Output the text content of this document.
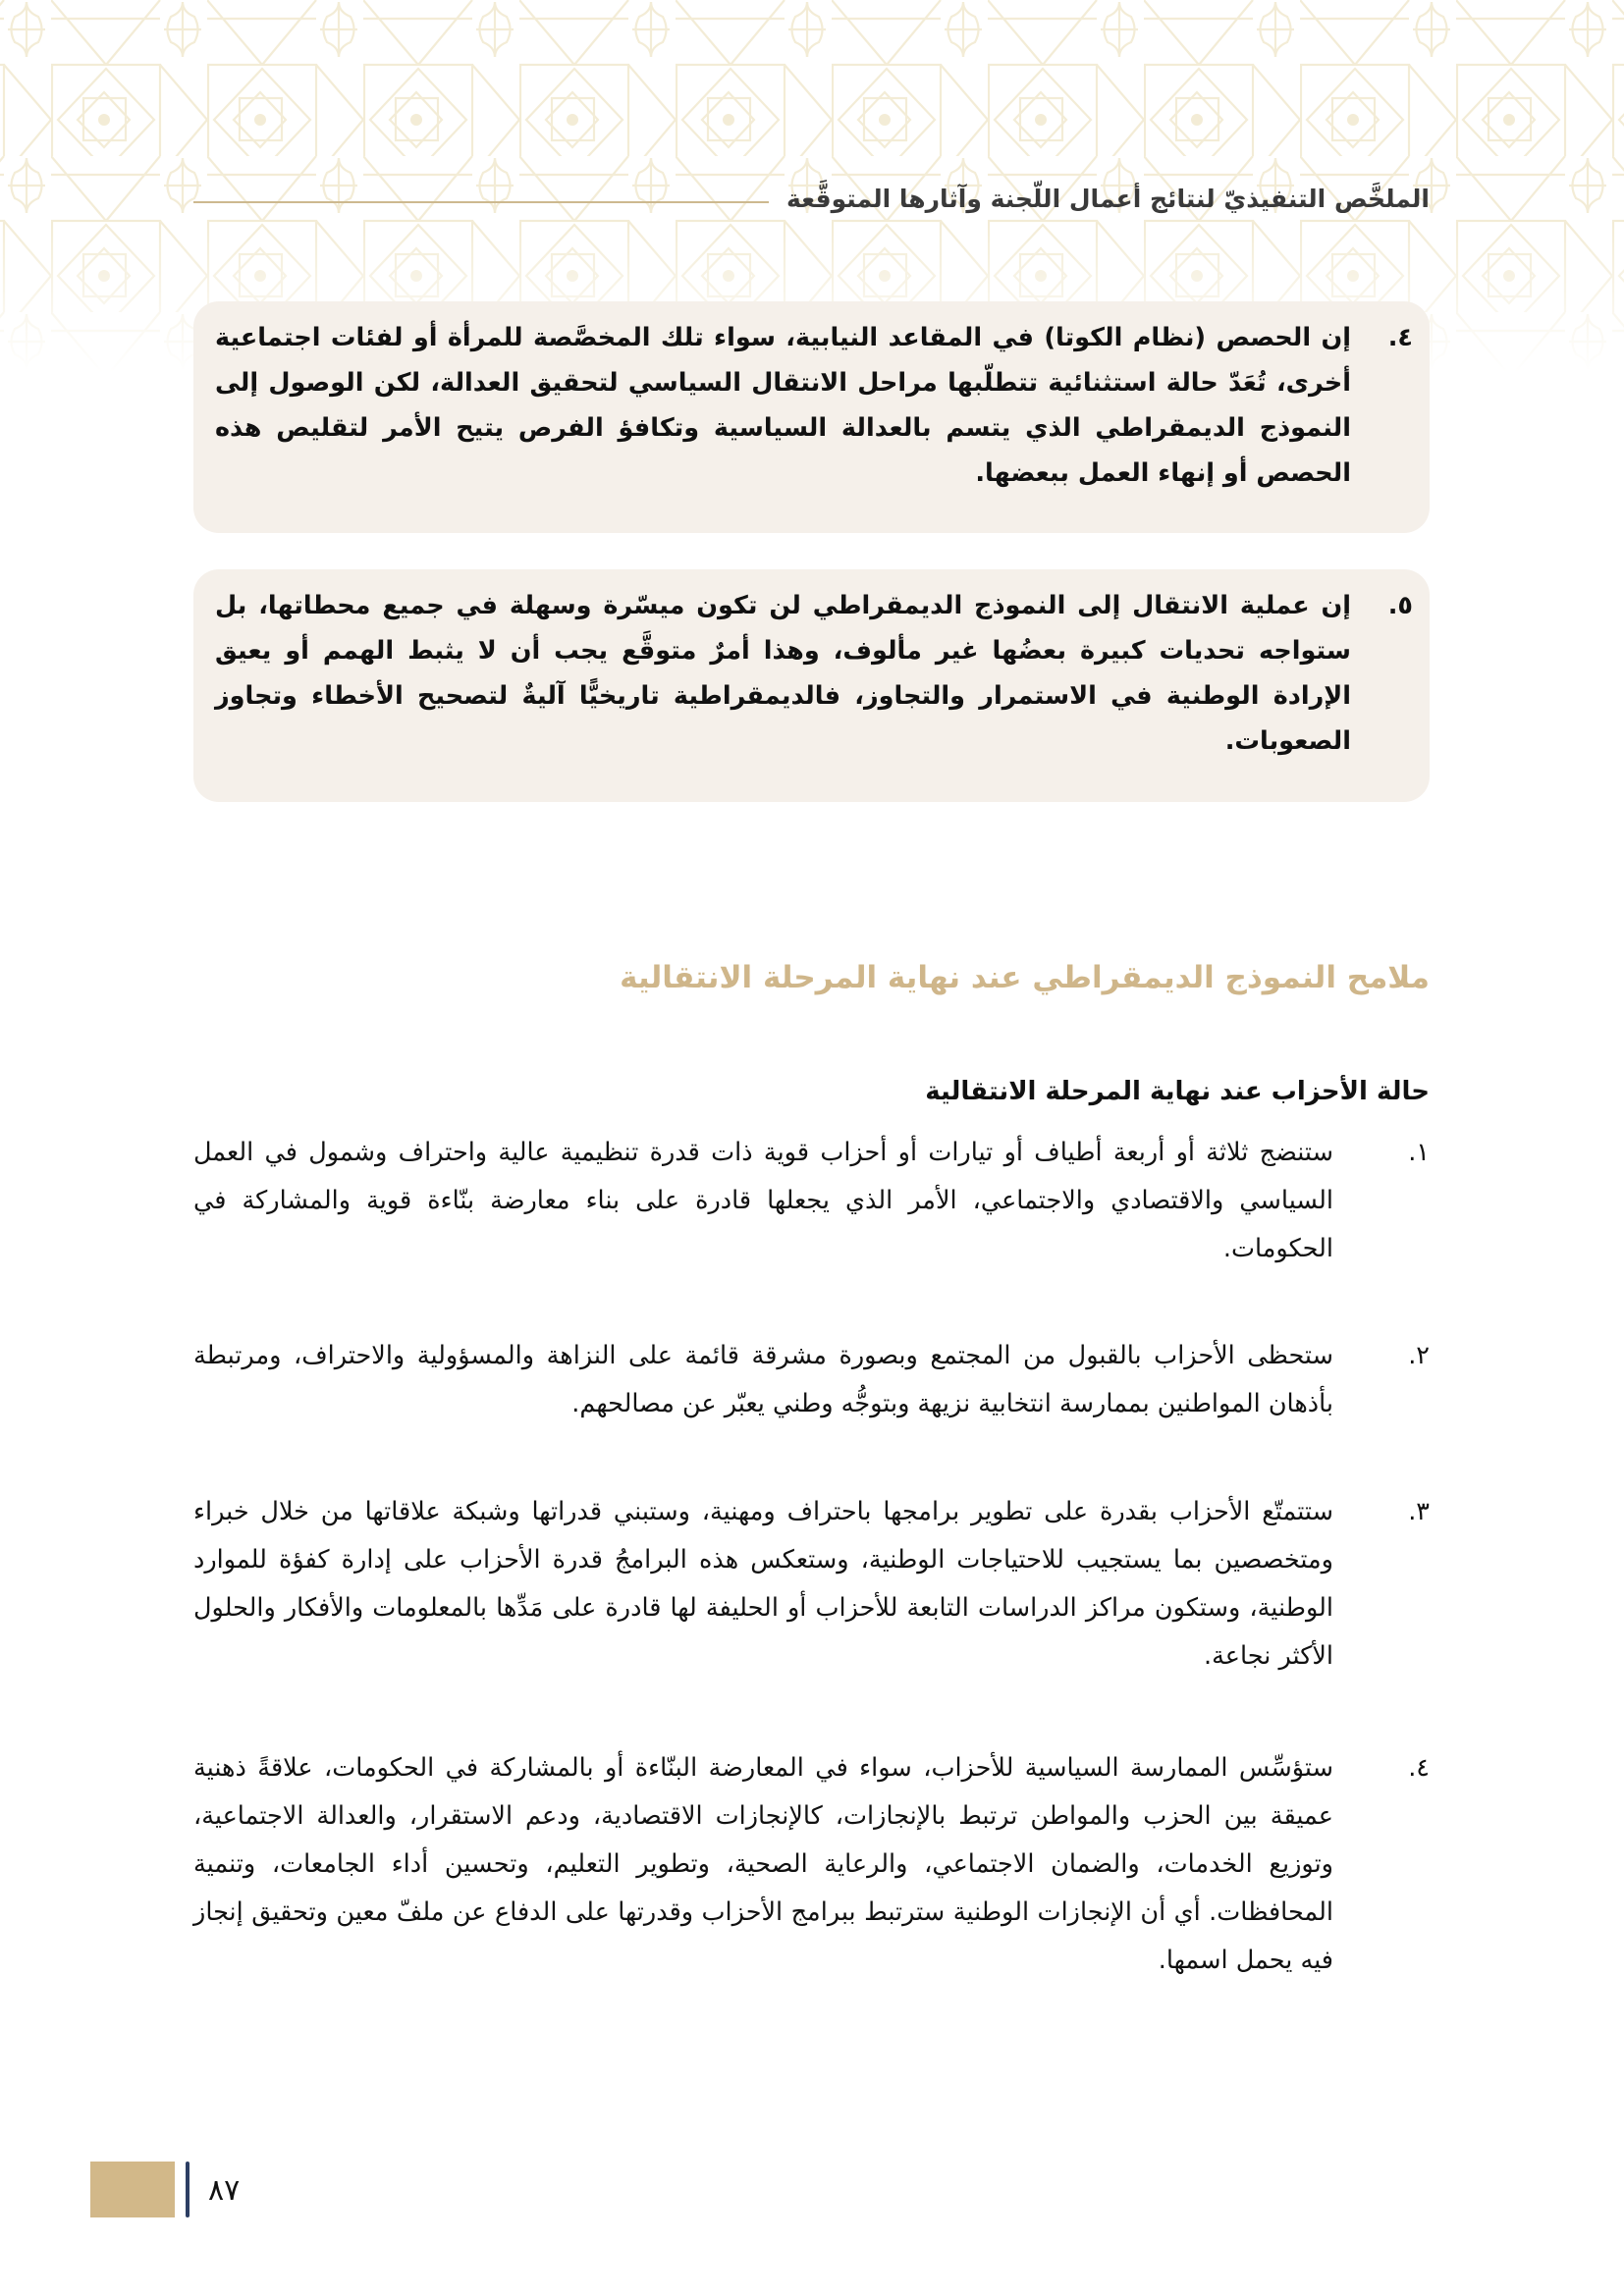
الملخَّص التنفيذيّ لنتائج أعمال اللّجنة وآثارها المتوقَّعة
٤.
إن الحصص (نظام الكوتا) في المقاعد النيابية، سواء تلك المخصَّصة للمرأة أو لفئات اجتماعية أخرى، تُعَدّ حالة استثنائية تتطلّبها مراحل الانتقال السياسي لتحقيق العدالة، لكن الوصول إلى النموذج الديمقراطي الذي يتسم بالعدالة السياسية وتكافؤ الفرص يتيح الأمر لتقليص هذه الحصص أو إنهاء العمل ببعضها.
٥.
إن عملية الانتقال إلى النموذج الديمقراطي لن تكون ميسّرة وسهلة في جميع محطاتها، بل ستواجه تحديات كبيرة بعضُها غير مألوف، وهذا أمرٌ متوقَّع يجب أن لا يثبط الهمم أو يعيق الإرادة الوطنية في الاستمرار والتجاوز، فالديمقراطية تاريخيًّا آليةٌ لتصحيح الأخطاء وتجاوز الصعوبات.
ملامح النموذج الديمقراطي عند نهاية المرحلة الانتقالية
حالة الأحزاب عند نهاية المرحلة الانتقالية
١.
ستنضج ثلاثة أو أربعة أطياف أو تيارات أو أحزاب قوية ذات قدرة تنظيمية عالية واحتراف وشمول في العمل السياسي والاقتصادي والاجتماعي، الأمر الذي يجعلها قادرة على بناء معارضة بنّاءة قوية والمشاركة في الحكومات.
٢.
ستحظى الأحزاب بالقبول من المجتمع وبصورة مشرقة قائمة على النزاهة والمسؤولية والاحتراف، ومرتبطة بأذهان المواطنين بممارسة انتخابية نزيهة وبتوجُّه وطني يعبّر عن مصالحهم.
٣.
ستتمتّع الأحزاب بقدرة على تطوير برامجها باحتراف ومهنية، وستبني قدراتها وشبكة علاقاتها من خلال خبراء ومتخصصين بما يستجيب للاحتياجات الوطنية، وستعكس هذه البرامجُ قدرة الأحزاب على إدارة كفؤة للموارد الوطنية، وستكون مراكز الدراسات التابعة للأحزاب أو الحليفة لها قادرة على مَدِّها بالمعلومات والأفكار والحلول الأكثر نجاعة.
٤.
ستؤسِّس الممارسة السياسية للأحزاب، سواء في المعارضة البنّاءة أو بالمشاركة في الحكومات، علاقةً ذهنية عميقة بين الحزب والمواطن ترتبط بالإنجازات، كالإنجازات الاقتصادية، ودعم الاستقرار، والعدالة الاجتماعية، وتوزيع الخدمات، والضمان الاجتماعي، والرعاية الصحية، وتطوير التعليم، وتحسين أداء الجامعات، وتنمية المحافظات. أي أن الإنجازات الوطنية سترتبط ببرامج الأحزاب وقدرتها على الدفاع عن ملفّ معين وتحقيق إنجاز فيه يحمل اسمها.
٨٧
